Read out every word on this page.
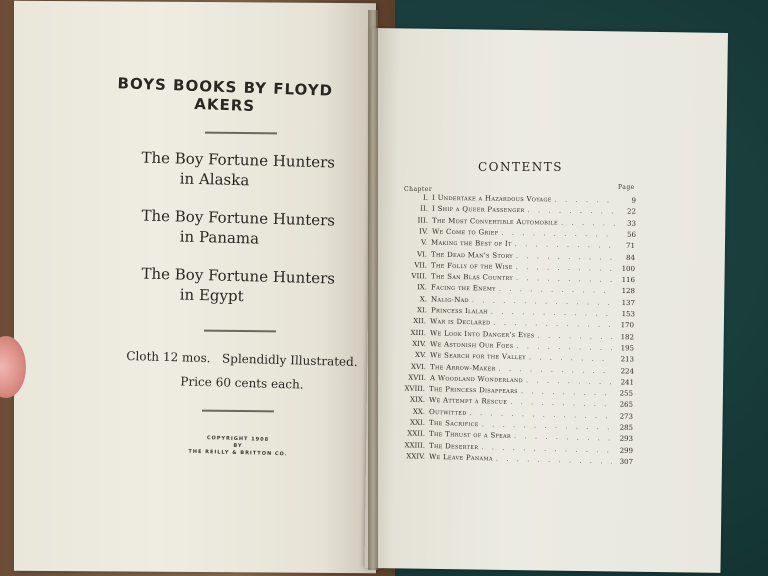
BOYS BOOKS BY FLOYD AKERS
The Boy Fortune Hunters
in Alaska
The Boy Fortune Hunters
in Panama
The Boy Fortune Hunters
in Egypt
Cloth 12 mos.   Splendidly Illustrated.
Price 60 cents each.
COPYRIGHT 1908
BY
THE REILLY & BRITTON CO.
CONTENTS
Chapter	Page
I. I Undertake a Hazardous Voyage . . .	9
II. I Ship a Queer Passenger . . .	22
III. The Most Convertible Automobile . . .	33
IV. We Come to Grief . . .	56
V. Making the Best of It . . .	71
VI. The Dead Man's Story . . .	84
VII. The Folly of the Wise . . .	100
VIII. The San Blas Country . . .	116
IX. Facing the Enemy . . .	128
X. Nalig-Nad . . .	137
XI. Princess Ilalah . . .	153
XII. War is Declared . . .	170
XIII. We Look Into Danger's Eyes . . .	182
XIV. We Astonish Our Foes . . .	195
XV. We Search for the Valley . . .	213
XVI. The Arrow-Maker . . .	224
XVII. A Woodland Wonderland . . .	241
XVIII. The Princess Disappears . . .	255
XIX. We Attempt a Rescue . . .	265
XX. Outwitted . . .	273
XXI. The Sacrifice . . .	285
XXII. The Thrust of a Spear . . .	293
XXIII. The Deserter . . .	299
XXIV. We Leave Panama . . .	307
